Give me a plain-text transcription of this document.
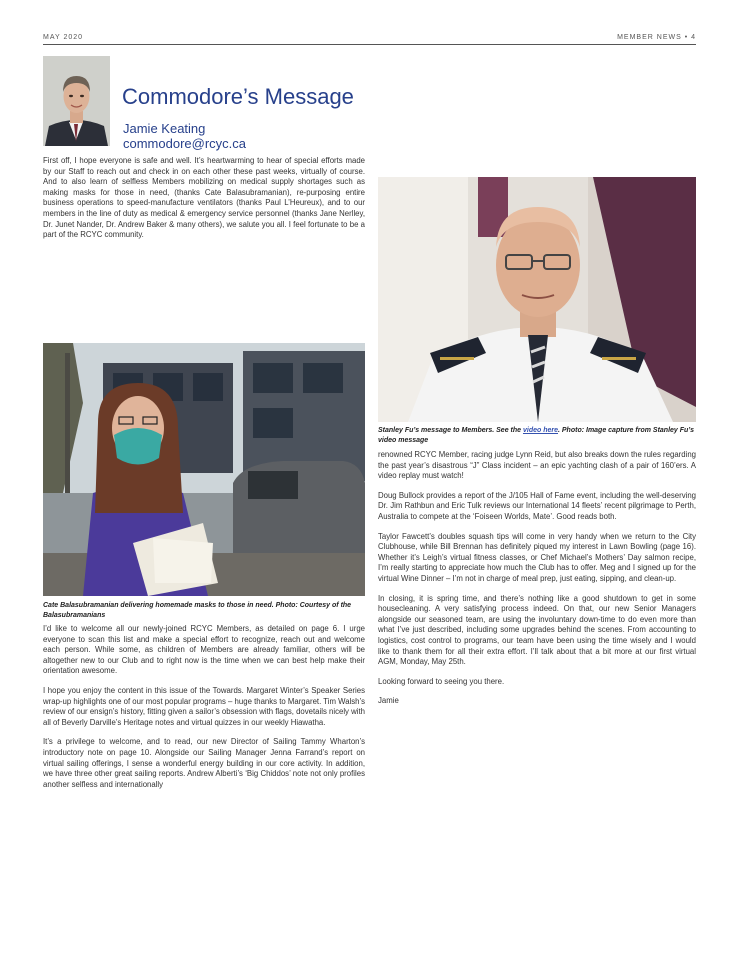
MAY 2020	MEMBER NEWS • 4
Commodore’s Message
Jamie Keating
commodore@rcyc.ca

First off, I hope everyone is safe and well. It’s heartwarming to hear of special efforts made by our Staff to reach out and check in on each other these past weeks, virtually of course. And to also learn of selfless Members mobilizing on medical supply shortages such as making masks for those in need, (thanks Cate Balasubramanian), re-purposing entire business operations to speed-manufacture ventilators (thanks Paul L’Heureux), and to our members in the line of duty as medical & emergency service personnel (thanks Jane Nerlley, Dr. Junet Nander, Dr. Andrew Baker & many others), we salute you all. I feel fortunate to be a part of the RCYC community.

Cate Balasubramanian delivering homemade masks to those in need. Photo: Courtesy of the Balasubramanians

I’d like to welcome all our newly-joined RCYC Members, as detailed on page 6. I urge everyone to scan this list and make a special effort to recognize, reach out and welcome each person. While some, as children of Members are already familiar, others will be altogether new to our Club and to right now is the time when we can best help make their orientation awesome.

I hope you enjoy the content in this issue of the Towards. Margaret Winter’s Speaker Series wrap-up highlights one of our most popular programs – huge thanks to Margaret. Tim Walsh’s review of our ensign’s history, fitting given a sailor’s obsession with flags, dovetails nicely with all of Beverly Darville’s Heritage notes and virtual quizzes in our weekly Hiawatha.

It’s a privilege to welcome, and to read, our new Director of Sailing Tammy Wharton’s introductory note on page 10. Alongside our Sailing Manager Jenna Farrand’s report on virtual sailing offerings, I sense a wonderful energy building in our core activity. In addition, we have three other great sailing reports. Andrew Alberti’s ‘Big Chiddos’ note not only profiles another selfless and internationally

Stanley Fu’s message to Members. See the video here. Photo: Image capture from Stanley Fu’s video message

renowned RCYC Member, racing judge Lynn Reid, but also breaks down the rules regarding the past year’s disastrous “J” Class incident – an epic yachting clash of a pair of 160’ers. A video replay must watch!

Doug Bullock provides a report of the J/105 Hall of Fame event, including the well-deserving Dr. Jim Rathbun and Eric Tulk reviews our International 14 fleets’ recent pilgrimage to Perth, Australia to compete at the ‘Foiseen Worlds, Mate’. Good reads both.

Taylor Fawcett’s doubles squash tips will come in very handy when we return to the City Clubhouse, while Bill Brennan has definitely piqued my interest in Lawn Bowling (page 16). Whether it’s Leigh’s virtual fitness classes, or Chef Michael’s Mothers’ Day salmon recipe, I’m really starting to appreciate how much the Club has to offer. Meg and I signed up for the virtual Wine Dinner – I’m not in charge of meal prep, just eating, sipping, and clean-up.

In closing, it is spring time, and there’s nothing like a good shutdown to get in some housecleaning. A very satisfying process indeed. On that, our new Senior Managers alongside our seasoned team, are using the involuntary down-time to do even more than what I’ve just described, including some upgrades behind the scenes. From accounting to logistics, cost control to programs, our team have been using the time wisely and I would like to thank them for all their extra effort. I’ll talk about that a bit more at our first virtual AGM, Monday, May 25th.

Looking forward to seeing you there.

Jamie
